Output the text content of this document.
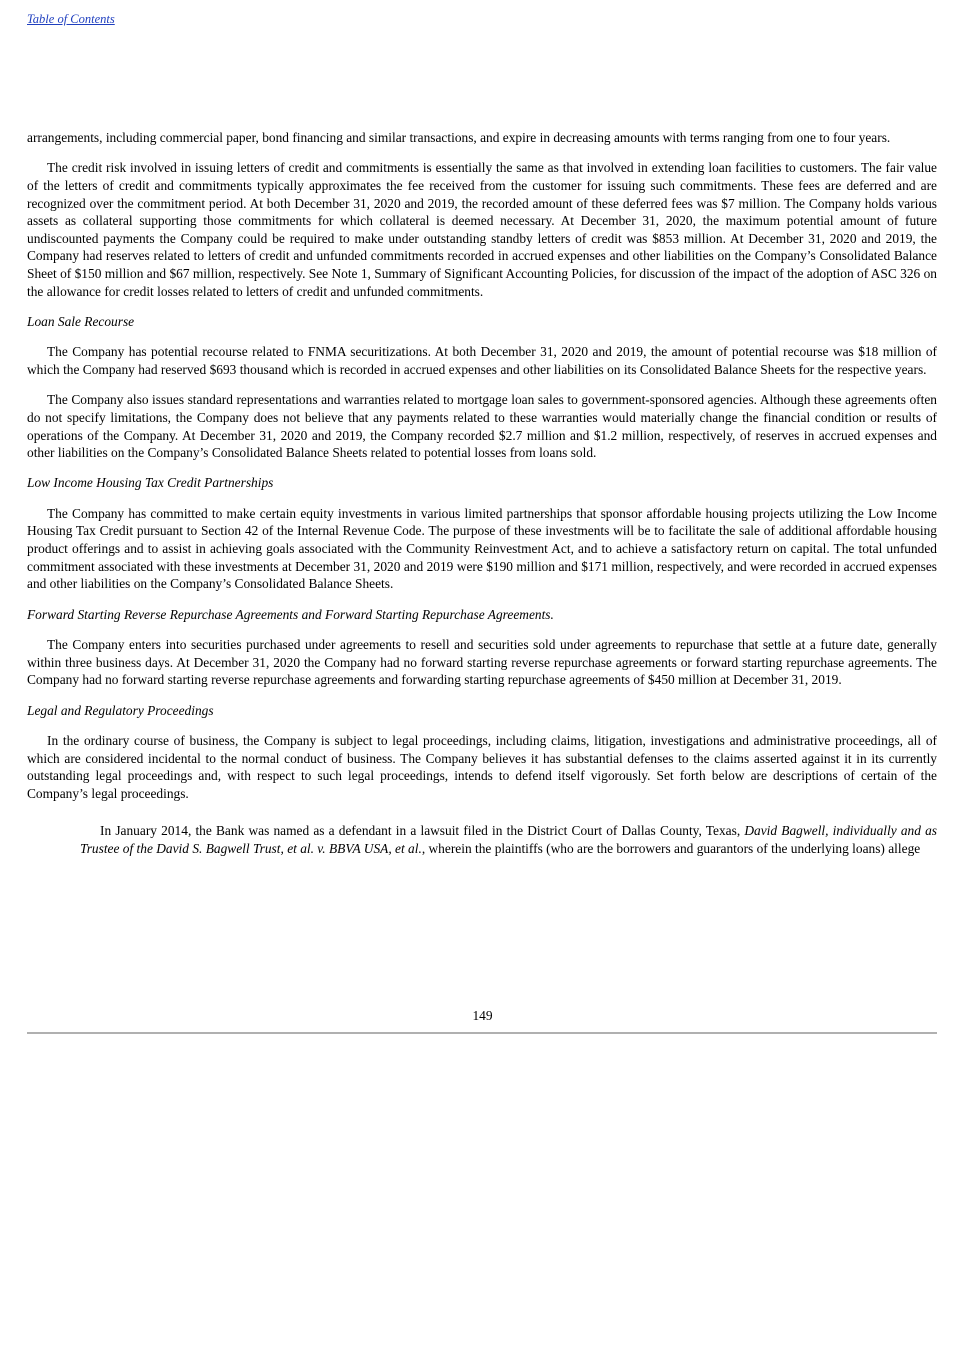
Table of Contents

arrangements, including commercial paper, bond financing and similar transactions, and expire in decreasing amounts with terms ranging from one to four years.

The credit risk involved in issuing letters of credit and commitments is essentially the same as that involved in extending loan facilities to customers. The fair value of the letters of credit and commitments typically approximates the fee received from the customer for issuing such commitments. These fees are deferred and are recognized over the commitment period. At both December 31, 2020 and 2019, the recorded amount of these deferred fees was $7 million. The Company holds various assets as collateral supporting those commitments for which collateral is deemed necessary. At December 31, 2020, the maximum potential amount of future undiscounted payments the Company could be required to make under outstanding standby letters of credit was $853 million. At December 31, 2020 and 2019, the Company had reserves related to letters of credit and unfunded commitments recorded in accrued expenses and other liabilities on the Company’s Consolidated Balance Sheet of $150 million and $67 million, respectively. See Note 1, Summary of Significant Accounting Policies, for discussion of the impact of the adoption of ASC 326 on the allowance for credit losses related to letters of credit and unfunded commitments.

Loan Sale Recourse

The Company has potential recourse related to FNMA securitizations. At both December 31, 2020 and 2019, the amount of potential recourse was $18 million of which the Company had reserved $693 thousand which is recorded in accrued expenses and other liabilities on its Consolidated Balance Sheets for the respective years.

The Company also issues standard representations and warranties related to mortgage loan sales to government-sponsored agencies. Although these agreements often do not specify limitations, the Company does not believe that any payments related to these warranties would materially change the financial condition or results of operations of the Company. At December 31, 2020 and 2019, the Company recorded $2.7 million and $1.2 million, respectively, of reserves in accrued expenses and other liabilities on the Company’s Consolidated Balance Sheets related to potential losses from loans sold.

Low Income Housing Tax Credit Partnerships

The Company has committed to make certain equity investments in various limited partnerships that sponsor affordable housing projects utilizing the Low Income Housing Tax Credit pursuant to Section 42 of the Internal Revenue Code. The purpose of these investments will be to facilitate the sale of additional affordable housing product offerings and to assist in achieving goals associated with the Community Reinvestment Act, and to achieve a satisfactory return on capital. The total unfunded commitment associated with these investments at December 31, 2020 and 2019 were $190 million and $171 million, respectively, and were recorded in accrued expenses and other liabilities on the Company’s Consolidated Balance Sheets.

Forward Starting Reverse Repurchase Agreements and Forward Starting Repurchase Agreements.

The Company enters into securities purchased under agreements to resell and securities sold under agreements to repurchase that settle at a future date, generally within three business days. At December 31, 2020 the Company had no forward starting reverse repurchase agreements or forward starting repurchase agreements. The Company had no forward starting reverse repurchase agreements and forwarding starting repurchase agreements of $450 million at December 31, 2019.

Legal and Regulatory Proceedings

In the ordinary course of business, the Company is subject to legal proceedings, including claims, litigation, investigations and administrative proceedings, all of which are considered incidental to the normal conduct of business. The Company believes it has substantial defenses to the claims asserted against it in its currently outstanding legal proceedings and, with respect to such legal proceedings, intends to defend itself vigorously. Set forth below are descriptions of certain of the Company’s legal proceedings.

In January 2014, the Bank was named as a defendant in a lawsuit filed in the District Court of Dallas County, Texas, David Bagwell, individually and as Trustee of the David S. Bagwell Trust, et al. v. BBVA USA, et al., wherein the plaintiffs (who are the borrowers and guarantors of the underlying loans) allege
149
